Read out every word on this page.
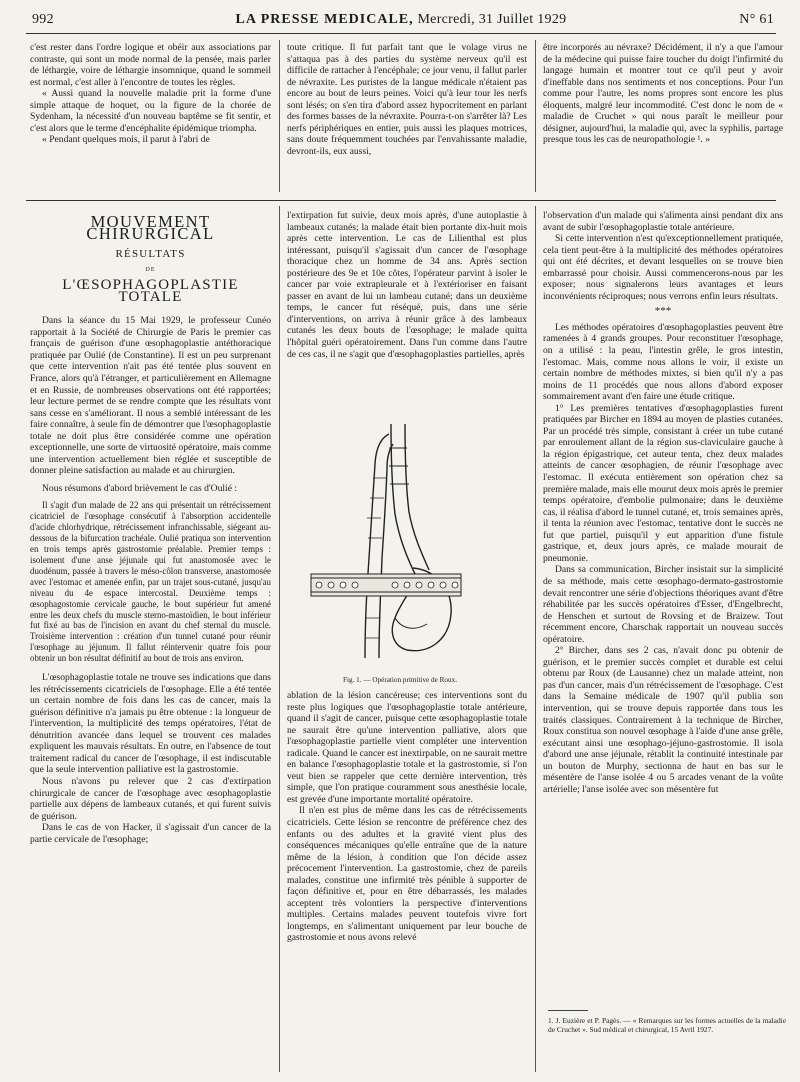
992	LA PRESSE MEDICALE, Mercredi, 31 Juillet 1929	N° 61

c'est rester dans l'ordre logique et obéir aux associations par contraste, qui sont un mode normal de la pensée, mais parler de léthargie, voire de léthargie insomnique, quand le sommeil est normal, c'est aller à l'encontre de toutes les règles.

« Aussi quand la nouvelle maladie prit la forme d'une simple attaque de hoquet, ou la figure de la chorée de Sydenham, la nécessité d'un nouveau baptême se fit sentir, et c'est alors que le terme d'encéphalite épidémique triompha.

« Pendant quelques mois, il parut à l'abri de

toute critique. Il fut parfait tant que le volage virus ne s'attaqua pas à des parties du système nerveux qu'il est difficile de rattacher à l'encéphale; ce jour venu, il fallut parler de névraxite. Les puristes de la langue médicale n'étaient pas encore au bout de leurs peines. Voici qu'à leur tour les nerfs sont lésés; on s'en tira d'abord assez hypocritement en parlant des formes basses de la névraxite. Pourra-t-on s'arrêter là? Les nerfs périphériques en entier, puis aussi les plaques motrices, sans doute fréquemment touchées par l'envahissante maladie, devront-ils, eux aussi,

être incorporés au névraxe? Décidément, il n'y a que l'amour de la médecine qui puisse faire toucher du doigt l'infirmité du langage humain et montrer tout ce qu'il peut y avoir d'ineffable dans nos sentiments et nos conceptions. Pour l'un comme pour l'autre, les noms propres sont encore les plus éloquents, malgré leur incommodité. C'est donc le nom de « maladie de Cruchet » qui nous paraît le meilleur pour désigner, aujourd'hui, la maladie qui, avec la syphilis, partage presque tous les cas de neuropathologie ¹. »

MOUVEMENT CHIRURGICAL
RÉSULTATS
DE
L'ŒSOPHAGOPLASTIE TOTALE

Dans la séance du 15 Mai 1929, le professeur Cunéo rapportait à la Société de Chirurgie de Paris le premier cas français de guérison d'une œsophagoplastie antéthoracique pratiquée par Oulié (de Constantine). Il est un peu surprenant que cette intervention n'ait pas été tentée plus souvent en France, alors qu'à l'étranger, et particulièrement en Allemagne et en Russie, de nombreuses observations ont été rapportées; leur lecture permet de se rendre compte que les résultats vont sans cesse en s'améliorant. Il nous a semblé intéressant de les faire connaître, à seule fin de démontrer que l'œsophagoplastie totale ne doit plus être considérée comme une opération exceptionnelle, une sorte de virtuosité opératoire, mais comme une intervention actuellement bien réglée et susceptible de donner pleine satisfaction au malade et au chirurgien.

Nous résumons d'abord brièvement le cas d'Oulié :

Il s'agit d'un malade de 22 ans qui présentait un rétrécissement cicatriciel de l'œsophage consécutif à l'absorption accidentelle d'acide chlorhydrique, rétrécissement infranchissable, siégeant au-dessous de la bifurcation trachéale. Oulié pratiqua son intervention en trois temps après gastrostomie préalable. Premier temps : isolement d'une anse jéjunale qui fut anastomosée avec le duodénum, passée à travers le méso-côlon transverse, anastomosée avec l'estomac et amenée enfin, par un trajet sous-cutané, jusqu'au niveau du 4e espace intercostal. Deuxième temps : œsophagostomie cervicale gauche, le bout supérieur fut amené entre les deux chefs du muscle sterno-mastoïdien, le bout inférieur fut fixé au bas de l'incision en avant du chef sternal du muscle. Troisième intervention : création d'un tunnel cutané pour réunir l'œsophage au jéjunum. Il fallut réintervenir quatre fois pour obtenir un bon résultat définitif au bout de trois ans environ.

L'œsophagoplastie totale ne trouve ses indications que dans les rétrécissements cicatriciels de l'œsophage. Elle a été tentée un certain nombre de fois dans les cas de cancer, mais la guérison définitive n'a jamais pu être obtenue : la longueur de l'intervention, la multiplicité des temps opératoires, l'état de dénutrition avancée dans lequel se trouvent ces malades expliquent les mauvais résultats. En outre, en l'absence de tout traitement radical du cancer de l'œsophage, il est indiscutable que la seule intervention palliative est la gastrostomie.

Nous n'avons pu relever que 2 cas d'extirpation chirurgicale de cancer de l'œsophage avec œsophagoplastie partielle aux dépens de lambeaux cutanés, et qui furent suivis de guérison.

Dans le cas de von Hacker, il s'agissait d'un cancer de la partie cervicale de l'œsophage;

l'extirpation fut suivie, deux mois après, d'une autoplastie à lambeaux cutanés; la malade était bien portante dix-huit mois après cette intervention. Le cas de Lilienthal est plus intéressant, puisqu'il s'agissait d'un cancer de l'œsophage thoracique chez un homme de 34 ans. Après section postérieure des 9e et 10e côtes, l'opérateur parvint à isoler le cancer par voie extrapleurale et à l'extérioriser en faisant passer en avant de lui un lambeau cutané; dans un deuxième temps, le cancer fut réséqué, puis, dans une série d'interventions, on arriva à réunir grâce à des lambeaux cutanés les deux bouts de l'œsophage; le malade quitta l'hôpital guéri opératoirement. Dans l'un comme dans l'autre de ces cas, il ne s'agit que d'œsophagoplasties partielles, après

Fig. 1. — Opération primitive de Roux.

ablation de la lésion cancéreuse; ces interventions sont du reste plus logiques que l'œsophagoplastie totale antérieure, quand il s'agit de cancer, puisque cette œsophagoplastie totale ne saurait être qu'une intervention palliative, alors que l'œsophagoplastie partielle vient compléter une intervention radicale. Quand le cancer est inextirpable, on ne saurait mettre en balance l'œsophagoplastie totale et la gastrostomie, si l'on veut bien se rappeler que cette dernière intervention, très simple, que l'on pratique couramment sous anesthésie locale, est grevée d'une importante mortalité opératoire.

Il n'en est plus de même dans les cas de rétrécissements cicatriciels. Cette lésion se rencontre de préférence chez des enfants ou des adultes et la gravité vient plus des conséquences mécaniques qu'elle entraîne que de la nature même de la lésion, à condition que l'on décide assez précocement l'intervention. La gastrostomie, chez de pareils malades, constitue une infirmité très pénible à supporter de façon définitive et, pour en être débarrassés, les malades acceptent très volontiers la perspective d'interventions multiples. Certains malades peuvent toutefois vivre fort longtemps, en s'alimentant uniquement par leur bouche de gastrostomie et nous avons relevé

l'observation d'un malade qui s'alimenta ainsi pendant dix ans avant de subir l'œsophagoplastie totale antérieure.

Si cette intervention n'est qu'exceptionnellement pratiquée, cela tient peut-être à la multiplicité des méthodes opératoires qui ont été décrites, et devant lesquelles on se trouve bien embarrassé pour choisir. Aussi commencerons-nous par les exposer; nous signalerons leurs avantages et leurs inconvénients réciproques; nous verrons enfin leurs résultats.

***

Les méthodes opératoires d'œsophagoplasties peuvent être ramenées à 4 grands groupes. Pour reconstituer l'œsophage, on a utilisé : la peau, l'intestin grêle, le gros intestin, l'estomac. Mais, comme nous allons le voir, il existe un certain nombre de méthodes mixtes, si bien qu'il n'y a pas moins de 11 procédés que nous allons d'abord exposer sommairement avant d'en faire une étude critique.

1° Les premières tentatives d'œsophagoplasties furent pratiquées par Bircher en 1894 au moyen de plasties cutanées. Par un procédé très simple, consistant à créer un tube cutané par enroulement allant de la région sus-claviculaire gauche à la région épigastrique, cet auteur tenta, chez deux malades atteints de cancer œsophagien, de réunir l'œsophage avec l'estomac. Il exécuta entièrement son opération chez sa première malade, mais elle mourut deux mois après le premier temps opératoire, d'embolie pulmonaire; dans le deuxième cas, il réalisa d'abord le tunnel cutané, et, trois semaines après, il tenta la réunion avec l'estomac, tentative dont le succès ne fut que partiel, puisqu'il y eut apparition d'une fistule gastrique, et, deux jours après, ce malade mourait de pneumonie.

Dans sa communication, Bircher insistait sur la simplicité de sa méthode, mais cette œsophago-dermato-gastrostomie devait rencontrer une série d'objections théoriques avant d'être réhabilitée par les succès opératoires d'Esser, d'Engelbrecht, de Henschen et surtout de Rovsing et de Braizew. Tout récemment encore, Charschak rapportait un nouveau succès opératoire.

2° Bircher, dans ses 2 cas, n'avait donc pu obtenir de guérison, et le premier succès complet et durable est celui obtenu par Roux (de Lausanne) chez un malade atteint, non pas d'un cancer, mais d'un rétrécissement de l'œsophage. C'est dans la Semaine médicale de 1907 qu'il publia son intervention, qui se trouve depuis rapportée dans tous les traités classiques. Contrairement à la technique de Bircher, Roux constitua son nouvel œsophage à l'aide d'une anse grêle, exécutant ainsi une œsophago-jéjuno-gastrostomie. Il isola d'abord une anse jéjunale, rétablit la continuité intestinale par un bouton de Murphy, sectionna de haut en bas sur le mésentère de l'anse isolée 4 ou 5 arcades venant de la voûte artérielle; l'anse isolée avec son mésentère fut

1. J. Euzière et P. Pagès. — « Remarques sur les formes actuelles de la maladie de Cruchet ». Sud médical et chirurgical, 15 Avril 1927.
